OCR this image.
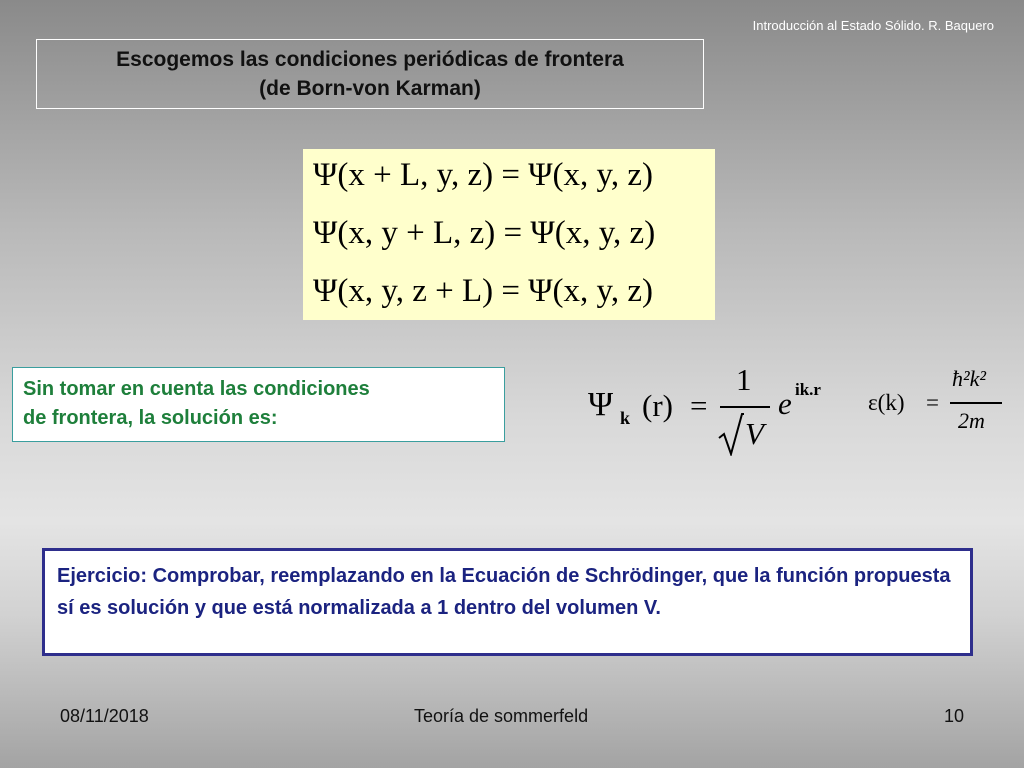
Introducción al Estado Sólido. R. Baquero
Escogemos las condiciones periódicas de frontera
(de Born-von Karman)
Ψ(x + L, y, z) = Ψ(x, y, z)
Ψ(x, y + L, z) = Ψ(x, y, z)
Ψ(x, y, z + L) = Ψ(x, y, z)
Sin tomar en cuenta las condiciones
de frontera, la solución es:	Ψ k (r) =
1
V
e ik.r
ε(k) =
ħ²k²
2m
Ejercicio: Comprobar, reemplazando en la Ecuación de Schrödinger, que la función propuesta sí es solución y que está normalizada a 1 dentro del volumen V.
08/11/2018	Teoría de sommerfeld	10
